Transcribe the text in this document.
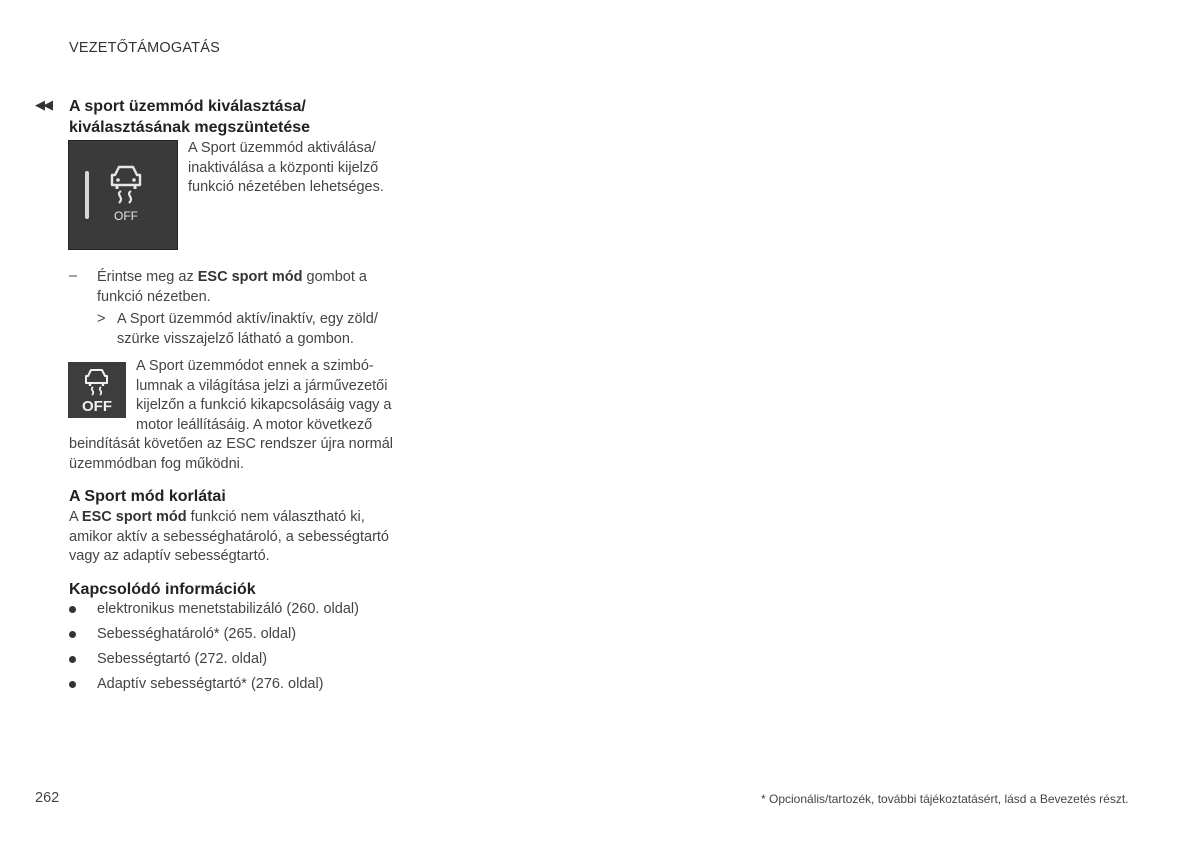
VEZETŐTÁMOGATÁS
◀◀ A sport üzemmód kiválasztása/
kiválasztásának megszüntetése
OFF
A Sport üzemmód aktiválása/
inaktiválása a központi kijelző
funkció nézetében lehetséges.
– Érintse meg az ESC sport mód gombot a
funkció nézetben.
> A Sport üzemmód aktív/inaktív, egy zöld/
szürke visszajelző látható a gombon.
OFF
A Sport üzemmódot ennek a szimbó-
lumnak a világítása jelzi a járművezetői
kijelzőn a funkció kikapcsolásáig vagy a
motor leállításáig. A motor következő
beindítását követően az ESC rendszer újra normál
üzemmódban fog működni.
A Sport mód korlátai
A ESC sport mód funkció nem választható ki,
amikor aktív a sebességhatároló, a sebességtartó
vagy az adaptív sebességtartó.
Kapcsolódó információk
elektronikus menetstabilizáló (260. oldal)
Sebességhatároló* (265. oldal)
Sebességtartó (272. oldal)
Adaptív sebességtartó* (276. oldal)
262	* Opcionális/tartozék, további tájékoztatásért, lásd a Bevezetés részt.
